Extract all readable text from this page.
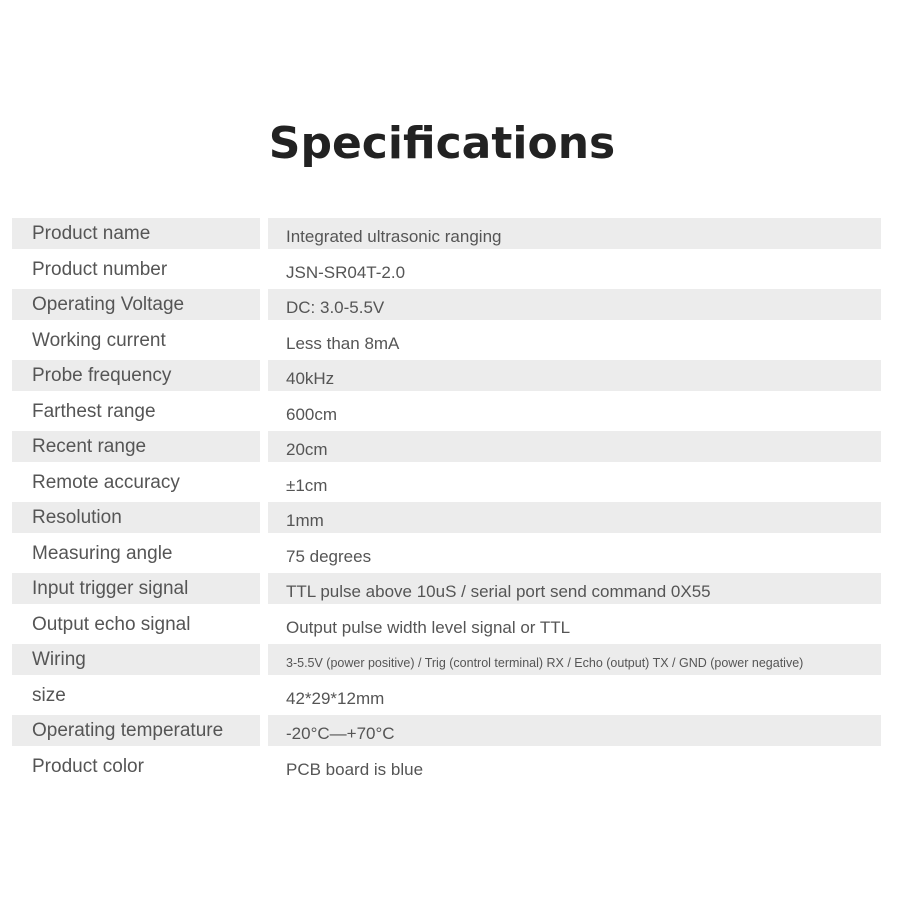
Specifications
Product name	Integrated ultrasonic ranging
Product number	JSN-SR04T-2.0
Operating Voltage	DC: 3.0-5.5V
Working current	Less than 8mA
Probe frequency	40kHz
Farthest range	600cm
Recent range	20cm
Remote accuracy	±1cm
Resolution	1mm
Measuring angle	75 degrees
Input trigger signal	TTL pulse above 10uS / serial port send command 0X55
Output echo signal	Output pulse width level signal or TTL
Wiring	3-5.5V (power positive) / Trig (control terminal) RX / Echo (output) TX / GND (power negative)
size	42*29*12mm
Operating temperature	-20°C—+70°C
Product color	PCB board is blue
